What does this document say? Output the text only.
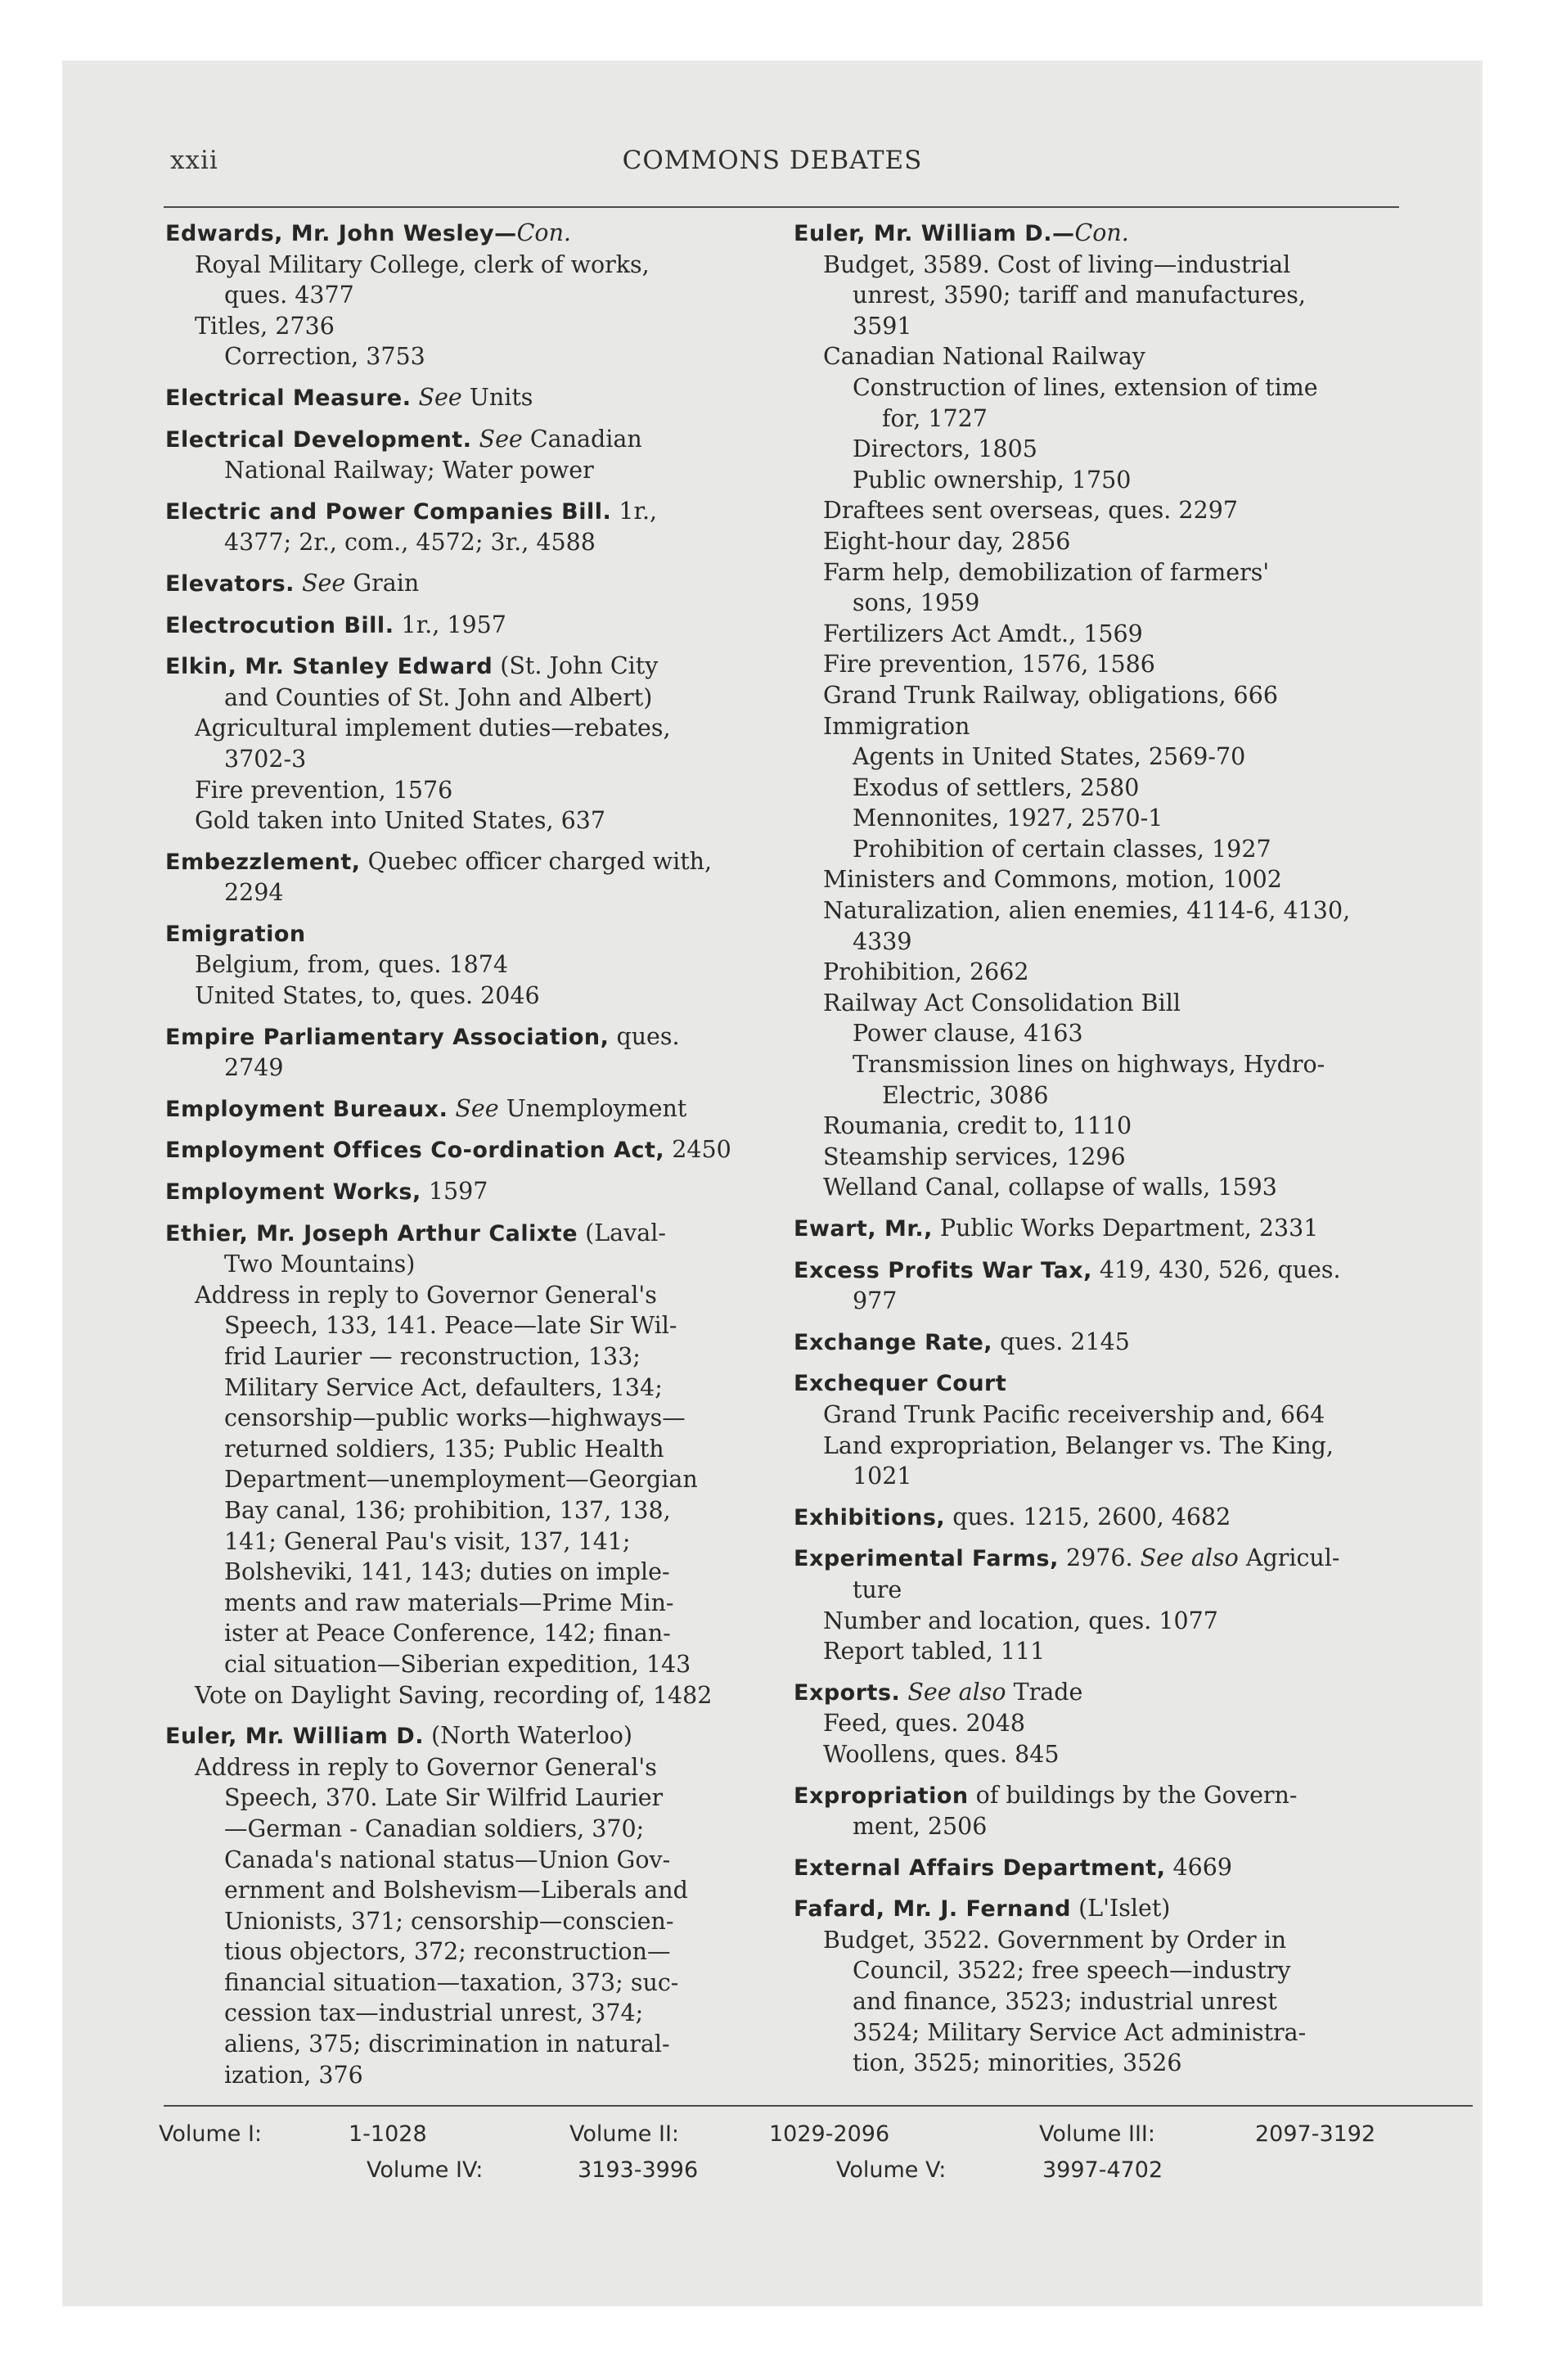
xxii	COMMONS DEBATES
Edwards, Mr. John Wesley—Con.
Royal Military College, clerk of works,
ques. 4377
Titles, 2736
Correction, 3753
Electrical Measure. See Units
Electrical Development. See Canadian
National Railway; Water power
Electric and Power Companies Bill. 1r.,
4377; 2r., com., 4572; 3r., 4588
Elevators. See Grain
Electrocution Bill. 1r., 1957
Elkin, Mr. Stanley Edward (St. John City
and Counties of St. John and Albert)
Agricultural implement duties—rebates,
3702-3
Fire prevention, 1576
Gold taken into United States, 637
Embezzlement, Quebec officer charged with,
2294
Emigration
Belgium, from, ques. 1874
United States, to, ques. 2046
Empire Parliamentary Association, ques.
2749
Employment Bureaux. See Unemployment
Employment Offices Co-ordination Act, 2450
Employment Works, 1597
Ethier, Mr. Joseph Arthur Calixte (Laval-
Two Mountains)
Address in reply to Governor General's
Speech, 133, 141. Peace—late Sir Wil-
frid Laurier — reconstruction, 133;
Military Service Act, defaulters, 134;
censorship—public works—highways—
returned soldiers, 135; Public Health
Department—unemployment—Georgian
Bay canal, 136; prohibition, 137, 138,
141; General Pau's visit, 137, 141;
Bolsheviki, 141, 143; duties on imple-
ments and raw materials—Prime Min-
ister at Peace Conference, 142; finan-
cial situation—Siberian expedition, 143
Vote on Daylight Saving, recording of, 1482
Euler, Mr. William D. (North Waterloo)
Address in reply to Governor General's
Speech, 370. Late Sir Wilfrid Laurier
—German - Canadian soldiers, 370;
Canada's national status—Union Gov-
ernment and Bolshevism—Liberals and
Unionists, 371; censorship—conscien-
tious objectors, 372; reconstruction—
financial situation—taxation, 373; suc-
cession tax—industrial unrest, 374;
aliens, 375; discrimination in natural-
ization, 376
Euler, Mr. William D.—Con.
Budget, 3589. Cost of living—industrial
unrest, 3590; tariff and manufactures,
3591
Canadian National Railway
Construction of lines, extension of time
for, 1727
Directors, 1805
Public ownership, 1750
Draftees sent overseas, ques. 2297
Eight-hour day, 2856
Farm help, demobilization of farmers'
sons, 1959
Fertilizers Act Amdt., 1569
Fire prevention, 1576, 1586
Grand Trunk Railway, obligations, 666
Immigration
Agents in United States, 2569-70
Exodus of settlers, 2580
Mennonites, 1927, 2570-1
Prohibition of certain classes, 1927
Ministers and Commons, motion, 1002
Naturalization, alien enemies, 4114-6, 4130,
4339
Prohibition, 2662
Railway Act Consolidation Bill
Power clause, 4163
Transmission lines on highways, Hydro-
Electric, 3086
Roumania, credit to, 1110
Steamship services, 1296
Welland Canal, collapse of walls, 1593
Ewart, Mr., Public Works Department, 2331
Excess Profits War Tax, 419, 430, 526, ques.
977
Exchange Rate, ques. 2145
Exchequer Court
Grand Trunk Pacific receivership and, 664
Land expropriation, Belanger vs. The King,
1021
Exhibitions, ques. 1215, 2600, 4682
Experimental Farms, 2976. See also Agricul-
ture
Number and location, ques. 1077
Report tabled, 111
Exports. See also Trade
Feed, ques. 2048
Woollens, ques. 845
Expropriation of buildings by the Govern-
ment, 2506
External Affairs Department, 4669
Fafard, Mr. J. Fernand (L'Islet)
Budget, 3522. Government by Order in
Council, 3522; free speech—industry
and finance, 3523; industrial unrest
3524; Military Service Act administra-
tion, 3525; minorities, 3526
Volume I:	1-1028	Volume II:	1029-2096	Volume III:	2097-3192
Volume IV:	3193-3996	Volume V:	3997-4702
